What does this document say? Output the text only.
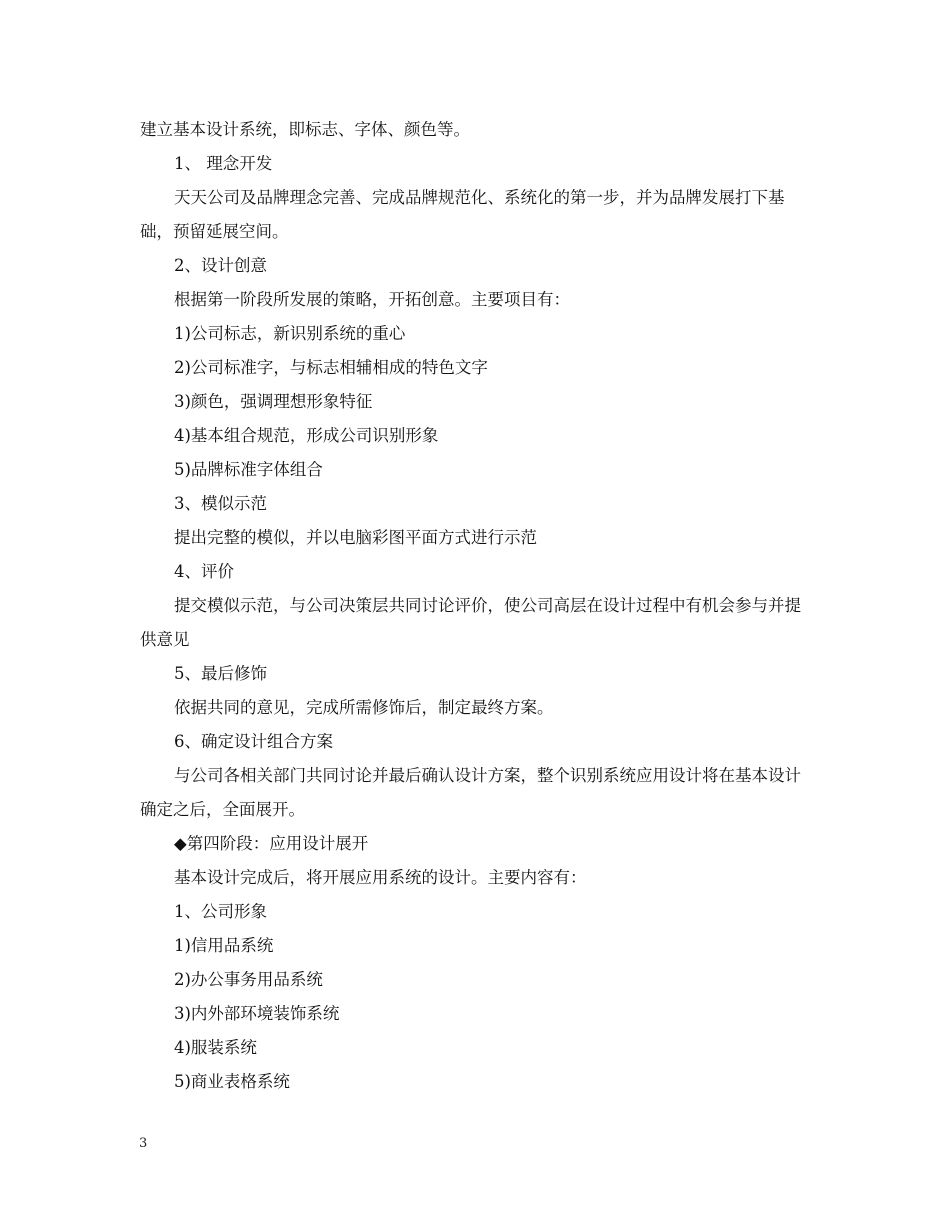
建立基本设计系统，即标志、字体、颜色等。

1、 理念开发

天天公司及品牌理念完善、完成品牌规范化、系统化的第一步，并为品牌发展打下基础，预留延展空间。

2、设计创意

根据第一阶段所发展的策略，开拓创意。主要项目有：

1)公司标志，新识别系统的重心

2)公司标准字，与标志相辅相成的特色文字

3)颜色，强调理想形象特征

4)基本组合规范，形成公司识别形象

5)品牌标准字体组合

3、模似示范

提出完整的模似，并以电脑彩图平面方式进行示范

4、评价

提交模似示范，与公司决策层共同讨论评价，使公司高层在设计过程中有机会参与并提供意见

5、最后修饰

依据共同的意见，完成所需修饰后，制定最终方案。

6、确定设计组合方案

与公司各相关部门共同讨论并最后确认设计方案，整个识别系统应用设计将在基本设计确定之后，全面展开。

◆第四阶段：应用设计展开

基本设计完成后，将开展应用系统的设计。主要内容有：

1、公司形象

1)信用品系统

2)办公事务用品系统

3)内外部环境装饰系统

4)服装系统

5)商业表格系统

3
